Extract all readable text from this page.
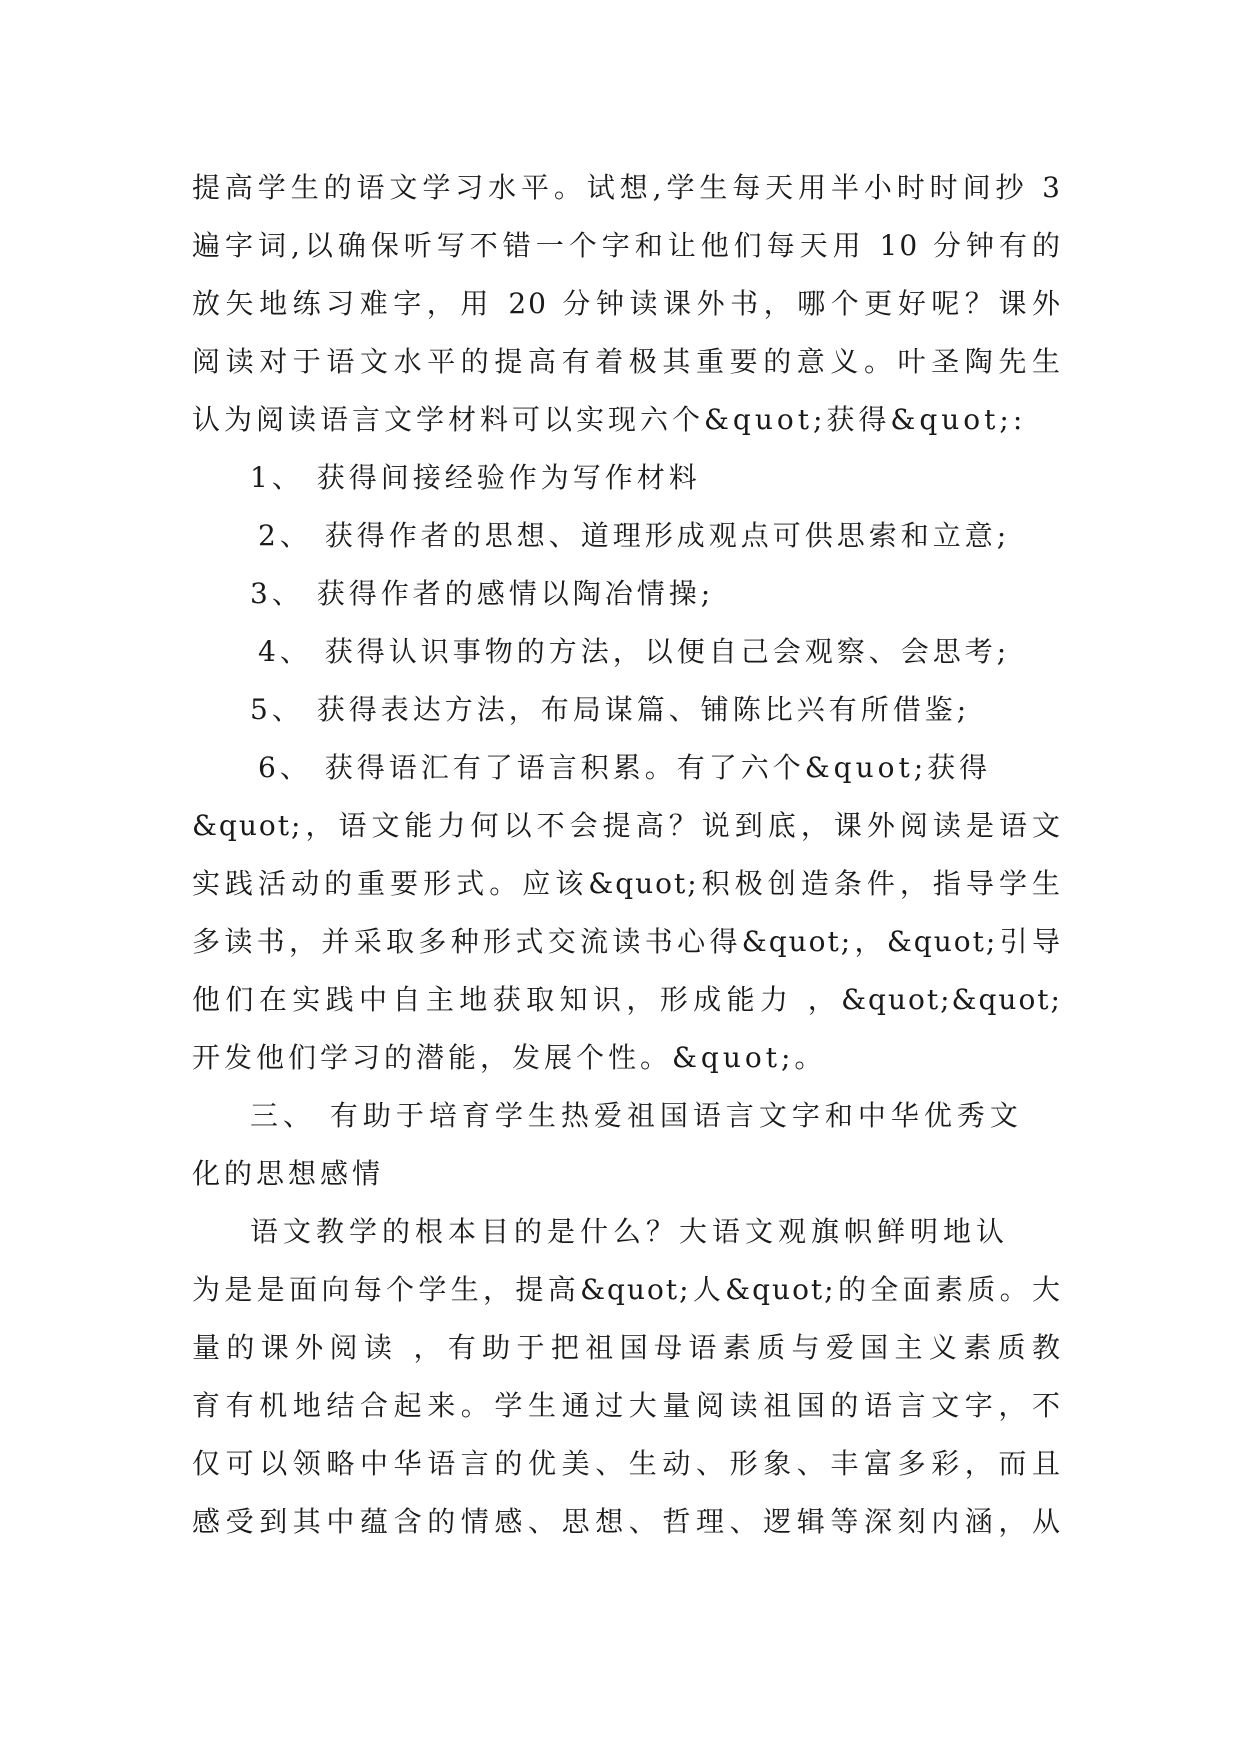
提高学生的语文学习水平。试想,学生每天用半小时时间抄 3
遍字词,以确保听写不错一个字和让他们每天用 10 分钟有的
放矢地练习难字，用 20 分钟读课外书，哪个更好呢？课外
阅读对于语文水平的提高有着极其重要的意义。叶圣陶先生
认为阅读语言文学材料可以实现六个&quot;获得&quot;:
1、 获得间接经验作为写作材料
2、 获得作者的思想、道理形成观点可供思索和立意;
3、 获得作者的感情以陶冶情操;
4、 获得认识事物的方法，以便自己会观察、会思考;
5、 获得表达方法，布局谋篇、铺陈比兴有所借鉴;
6、 获得语汇有了语言积累。有了六个&quot;获得
&quot;，语文能力何以不会提高？说到底，课外阅读是语文
实践活动的重要形式。应该&quot;积极创造条件，指导学生
多读书，并采取多种形式交流读书心得&quot;，&quot;引导
他们在实践中自主地获取知识，形成能力 ，&quot;&quot;
开发他们学习的潜能，发展个性。&quot;。
三、 有助于培育学生热爱祖国语言文字和中华优秀文
化的思想感情
语文教学的根本目的是什么？大语文观旗帜鲜明地认
为是是面向每个学生，提高&quot;人&quot;的全面素质。大
量的课外阅读 ，有助于把祖国母语素质与爱国主义素质教
育有机地结合起来。学生通过大量阅读祖国的语言文字，不
仅可以领略中华语言的优美、生动、形象、丰富多彩，而且
感受到其中蕴含的情感、思想、哲理、逻辑等深刻内涵，从
